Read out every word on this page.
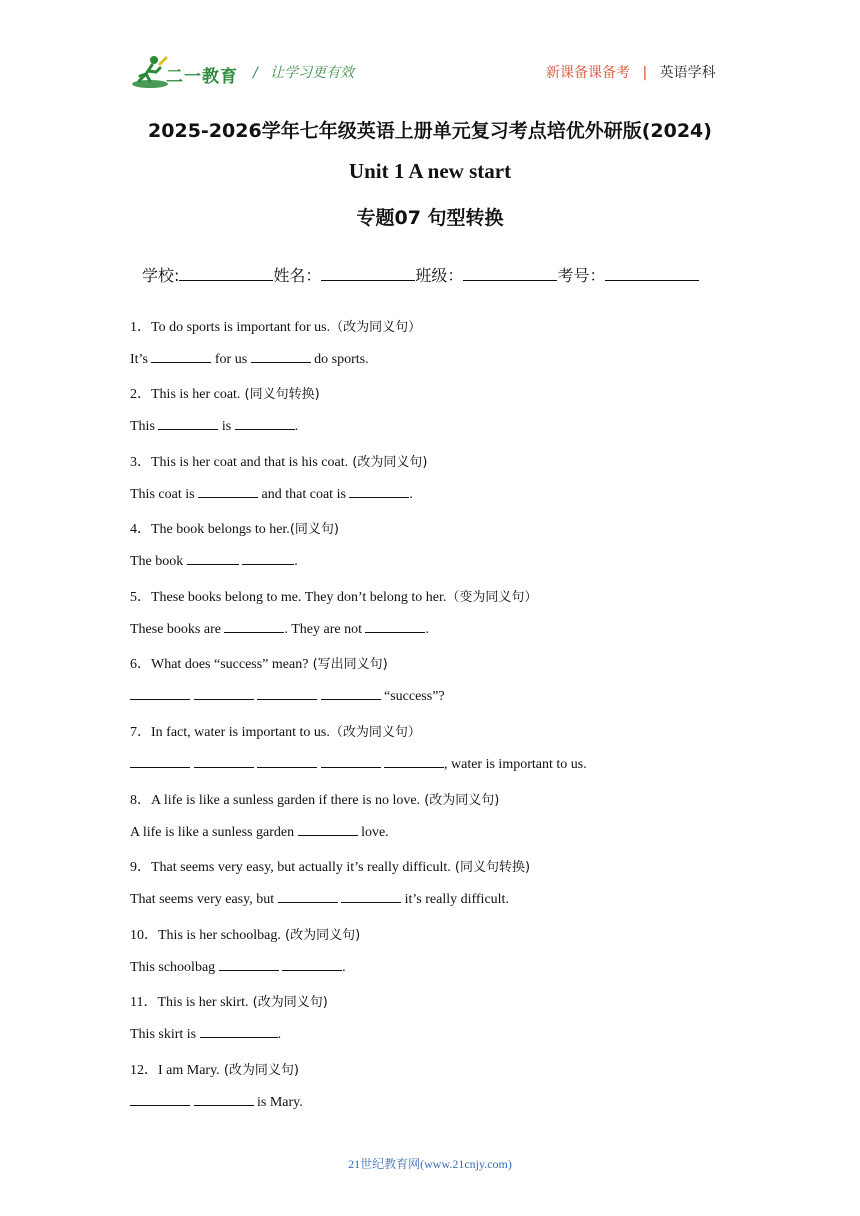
二一教育 / 让学习更有效	新课备课备考 | 英语学科
2025-2026学年七年级英语上册单元复习考点培优外研版(2024)
Unit 1 A new start
专题07 句型转换
学校:	姓名：	班级：	考号：
1．To do sports is important for us.（改为同义句）
It’s	for us	do sports.
2．This is her coat. (同义句转换)
This	is	.
3．This is her coat and that is his coat. (改为同义句)
This coat is	and that coat is	.
4．The book belongs to her.(同义句)
The book	.
5．These books belong to me. They don’t belong to her.（变为同义句）
These books are	. They are not	.
6．What does “success” mean? (写出同义句)
“success”?
7．In fact, water is important to us.（改为同义句）
, water is important to us.
8．A life is like a sunless garden if there is no love. (改为同义句)
A life is like a sunless garden	love.
9．That seems very easy, but actually it’s really difficult. (同义句转换)
That seems very easy, but	it’s really difficult.
10．This is her schoolbag. (改为同义句)
This schoolbag	.
11．This is her skirt. (改为同义句)
This skirt is	.
12．I am Mary. (改为同义句)
is Mary.
21世纪教育网(www.21cnjy.com)
